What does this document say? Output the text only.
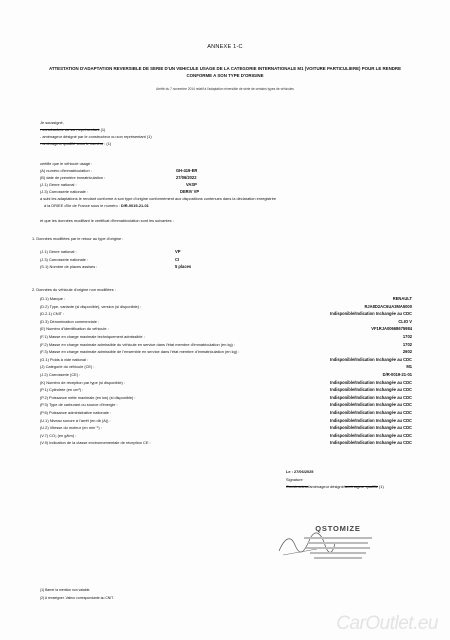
ANNEXE 1-C
ATTESTATION D'ADAPTATION REVERSIBLE DE SERIE D'UN VEHICULE USAGE DE LA CATEGORIE INTERNATIONALE M1 (VOITURE PARTICULIERE) POUR LE RENDRE CONFORME A SON TYPE D'ORIGINE
Arrêté du 7 novembre 2014 relatif à l'adaptation réversible de série de certains types de véhicules
Je soussigné,
- constructeur ou son représentant (1)
- aménageur désigné par le constructeur ou son représentant (1)
- aménageur qualifié sous le numéro : (1)
certifie que le véhicule usagé :
(A) numéro d'immatriculation :	GH-419-ER
(B) date de première immatriculation :	27/06/2022
(J.1) Genre national :	VASP
(J.3) Carrosserie nationale :	DERIV VP
a subi les adaptations le rendant conforme à son type d'origine conformément aux dispositions contenues dans la déclaration enregistrée
à la DRIEE d'Ile de France sous le numéro : D/R-0019-21-01
et que les données modifiant le certificat d'immatriculation sont les suivantes :
1. Données modifiées par le retour au type d'origine :
(J.1) Genre national :	VP
(J.3) Carrosserie nationale :	CI
(S.1) Nombre de places assises :	5 places
2. Données du véhicule d'origine non modifiées :
(D.1) Marque :	RENAULT
(D.2) Type, variante (si disponible), version (si disponible) :	RJA8D2AC6UA3MA5000
(D.2.1) CNIT :	Indisponible/Indication Inchangée au CDC
(D.3) Dénomination commerciale :	CLIO V
(E) Numéro d'identification du véhicule :	VF1RJA00668675984
(F.1) Masse en charge maximale techniquement admissible :	1702
(F.2) Masse en charge maximale admissible du véhicule en service dans l'état membre d'immatriculation (en kg) :	1702
(F.3) Masse en charge maximale admissible de l'ensemble en service dans l'état membre d'immatriculation (en kg) :	2602
(G.1) Poids à vide national :	Indisponible/Indication Inchangée au CDC
(J) Catégorie du véhicule (CE) :	M1
(J.2) Carrosserie (CE) :	D/R-0019-21-01
(K) Numéro de réception par type (si disponible) :	Indisponible/Indication Inchangée au CDC
(P.1) Cylindrée (en cm³) :	Indisponible/Indication Inchangée au CDC
(P.2) Puissance nette maximale (en kw) (si disponible) :	Indisponible/Indication Inchangée au CDC
(P.3) Type de carburant ou source d'énergie :	Indisponible/Indication Inchangée au CDC
(P.6) Puissance administrative nationale :	Indisponible/Indication Inchangée au CDC
(U.1) Niveau sonore à l'arrêt (en db (A)) :	Indisponible/Indication Inchangée au CDC
(U.2) Vitesse du moteur (en min⁻¹) :	Indisponible/Indication Inchangée au CDC
(V.7) CO₂ (en g/km) :	Indisponible/Indication Inchangée au CDC
(V.9) Indication de la classe environnementale de réception CE :	Indisponible/Indication Inchangée au CDC
Le : 27/06/2025
Signature
Constructeur/aménageur désigné/aménageur qualifié (1)
QSTOMIZE
(1) Barrer la mention non valable.
(2) A renseigner. Valeur correspondante au CNIT.
CarOutlet.eu
